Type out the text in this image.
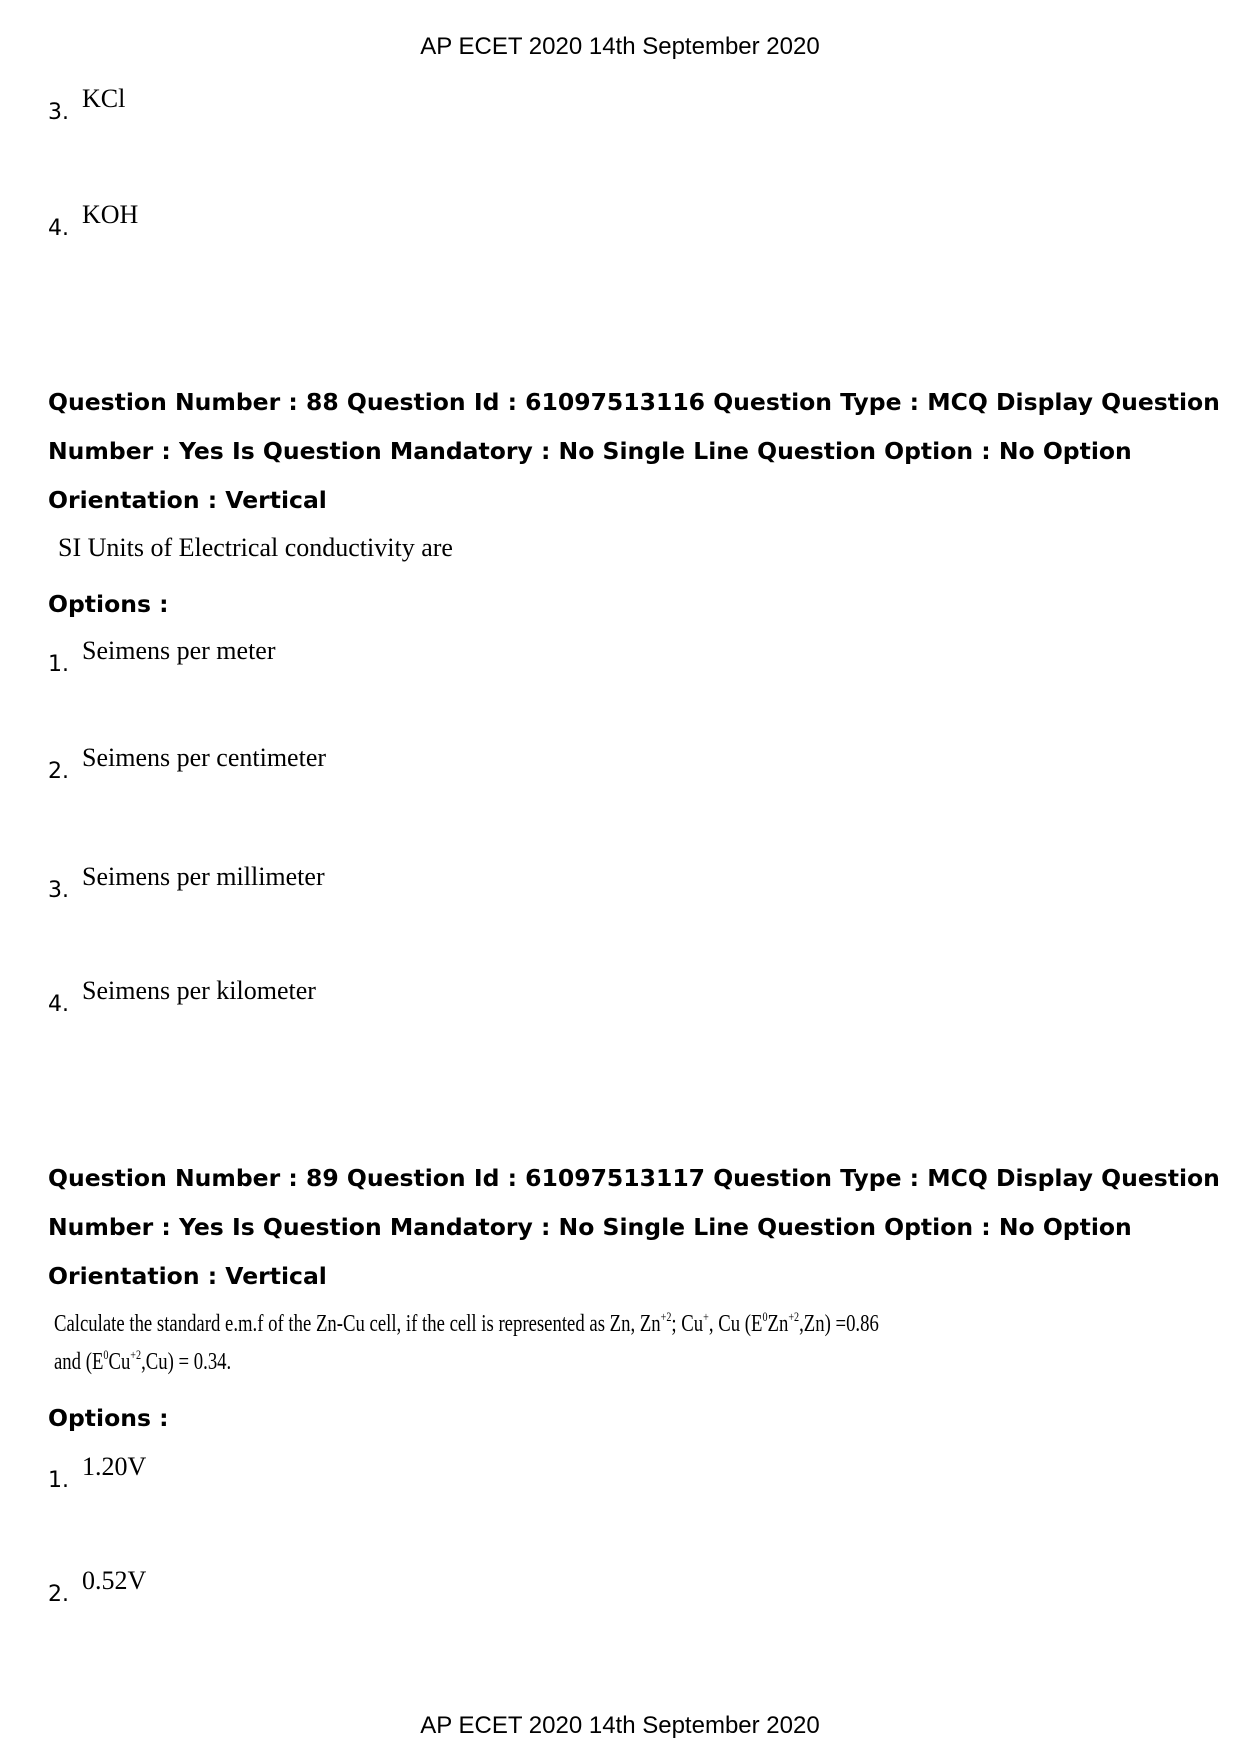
AP ECET 2020 14th September 2020
3. KCl
4. KOH
Question Number : 88 Question Id : 61097513116 Question Type : MCQ Display Question
Number : Yes Is Question Mandatory : No Single Line Question Option : No Option
Orientation : Vertical
SI Units of Electrical conductivity are
Options :
1. Seimens per meter
2. Seimens per centimeter
3. Seimens per millimeter
4. Seimens per kilometer
Question Number : 89 Question Id : 61097513117 Question Type : MCQ Display Question
Number : Yes Is Question Mandatory : No Single Line Question Option : No Option
Orientation : Vertical
Calculate the standard e.m.f of the Zn-Cu cell, if the cell is represented as Zn, $Zn^{+2}$; Cu+, Cu $(E^0Zn^{+2},Zn) =0.86$
and $(E^0Cu^{+2},Cu) = 0.34$.
Options :
1. 1.20V
2. 0.52V
AP ECET 2020 14th September 2020
